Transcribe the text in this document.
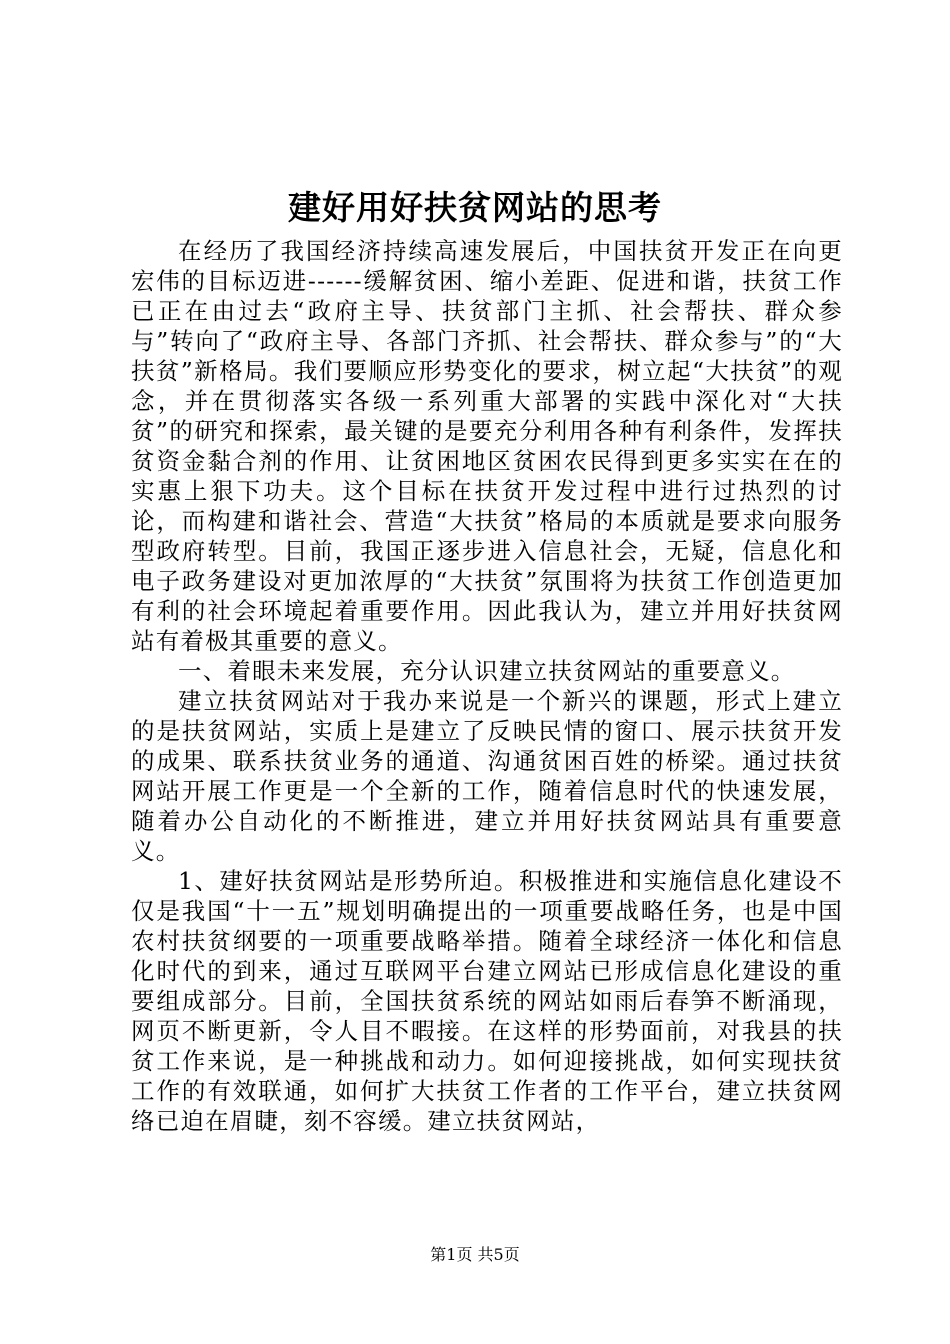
建好用好扶贫网站的思考

在经历了我国经济持续高速发展后，中国扶贫开发正在向更宏伟的目标迈进------缓解贫困、缩小差距、促进和谐，扶贫工作已正在由过去“政府主导、扶贫部门主抓、社会帮扶、群众参与”转向了“政府主导、各部门齐抓、社会帮扶、群众参与”的“大扶贫”新格局。我们要顺应形势变化的要求，树立起“大扶贫”的观念，并在贯彻落实各级一系列重大部署的实践中深化对“大扶贫”的研究和探索，最关键的是要充分利用各种有利条件，发挥扶贫资金黏合剂的作用、让贫困地区贫困农民得到更多实实在在的实惠上狠下功夫。这个目标在扶贫开发过程中进行过热烈的讨论，而构建和谐社会、营造“大扶贫”格局的本质就是要求向服务型政府转型。目前，我国正逐步进入信息社会，无疑，信息化和电子政务建设对更加浓厚的“大扶贫”氛围将为扶贫工作创造更加有利的社会环境起着重要作用。因此我认为，建立并用好扶贫网站有着极其重要的意义。

一、着眼未来发展，充分认识建立扶贫网站的重要意义。

建立扶贫网站对于我办来说是一个新兴的课题，形式上建立的是扶贫网站，实质上是建立了反映民情的窗口、展示扶贫开发的成果、联系扶贫业务的通道、沟通贫困百姓的桥梁。通过扶贫网站开展工作更是一个全新的工作，随着信息时代的快速发展，随着办公自动化的不断推进，建立并用好扶贫网站具有重要意义。

1、建好扶贫网站是形势所迫。积极推进和实施信息化建设不仅是我国“十一五”规划明确提出的一项重要战略任务，也是中国农村扶贫纲要的一项重要战略举措。随着全球经济一体化和信息化时代的到来，通过互联网平台建立网站已形成信息化建设的重要组成部分。目前，全国扶贫系统的网站如雨后春笋不断涌现，网页不断更新，令人目不暇接。在这样的形势面前，对我县的扶贫工作来说，是一种挑战和动力。如何迎接挑战，如何实现扶贫工作的有效联通，如何扩大扶贫工作者的工作平台，建立扶贫网络已迫在眉睫，刻不容缓。建立扶贫网站，

第1页 共5页
